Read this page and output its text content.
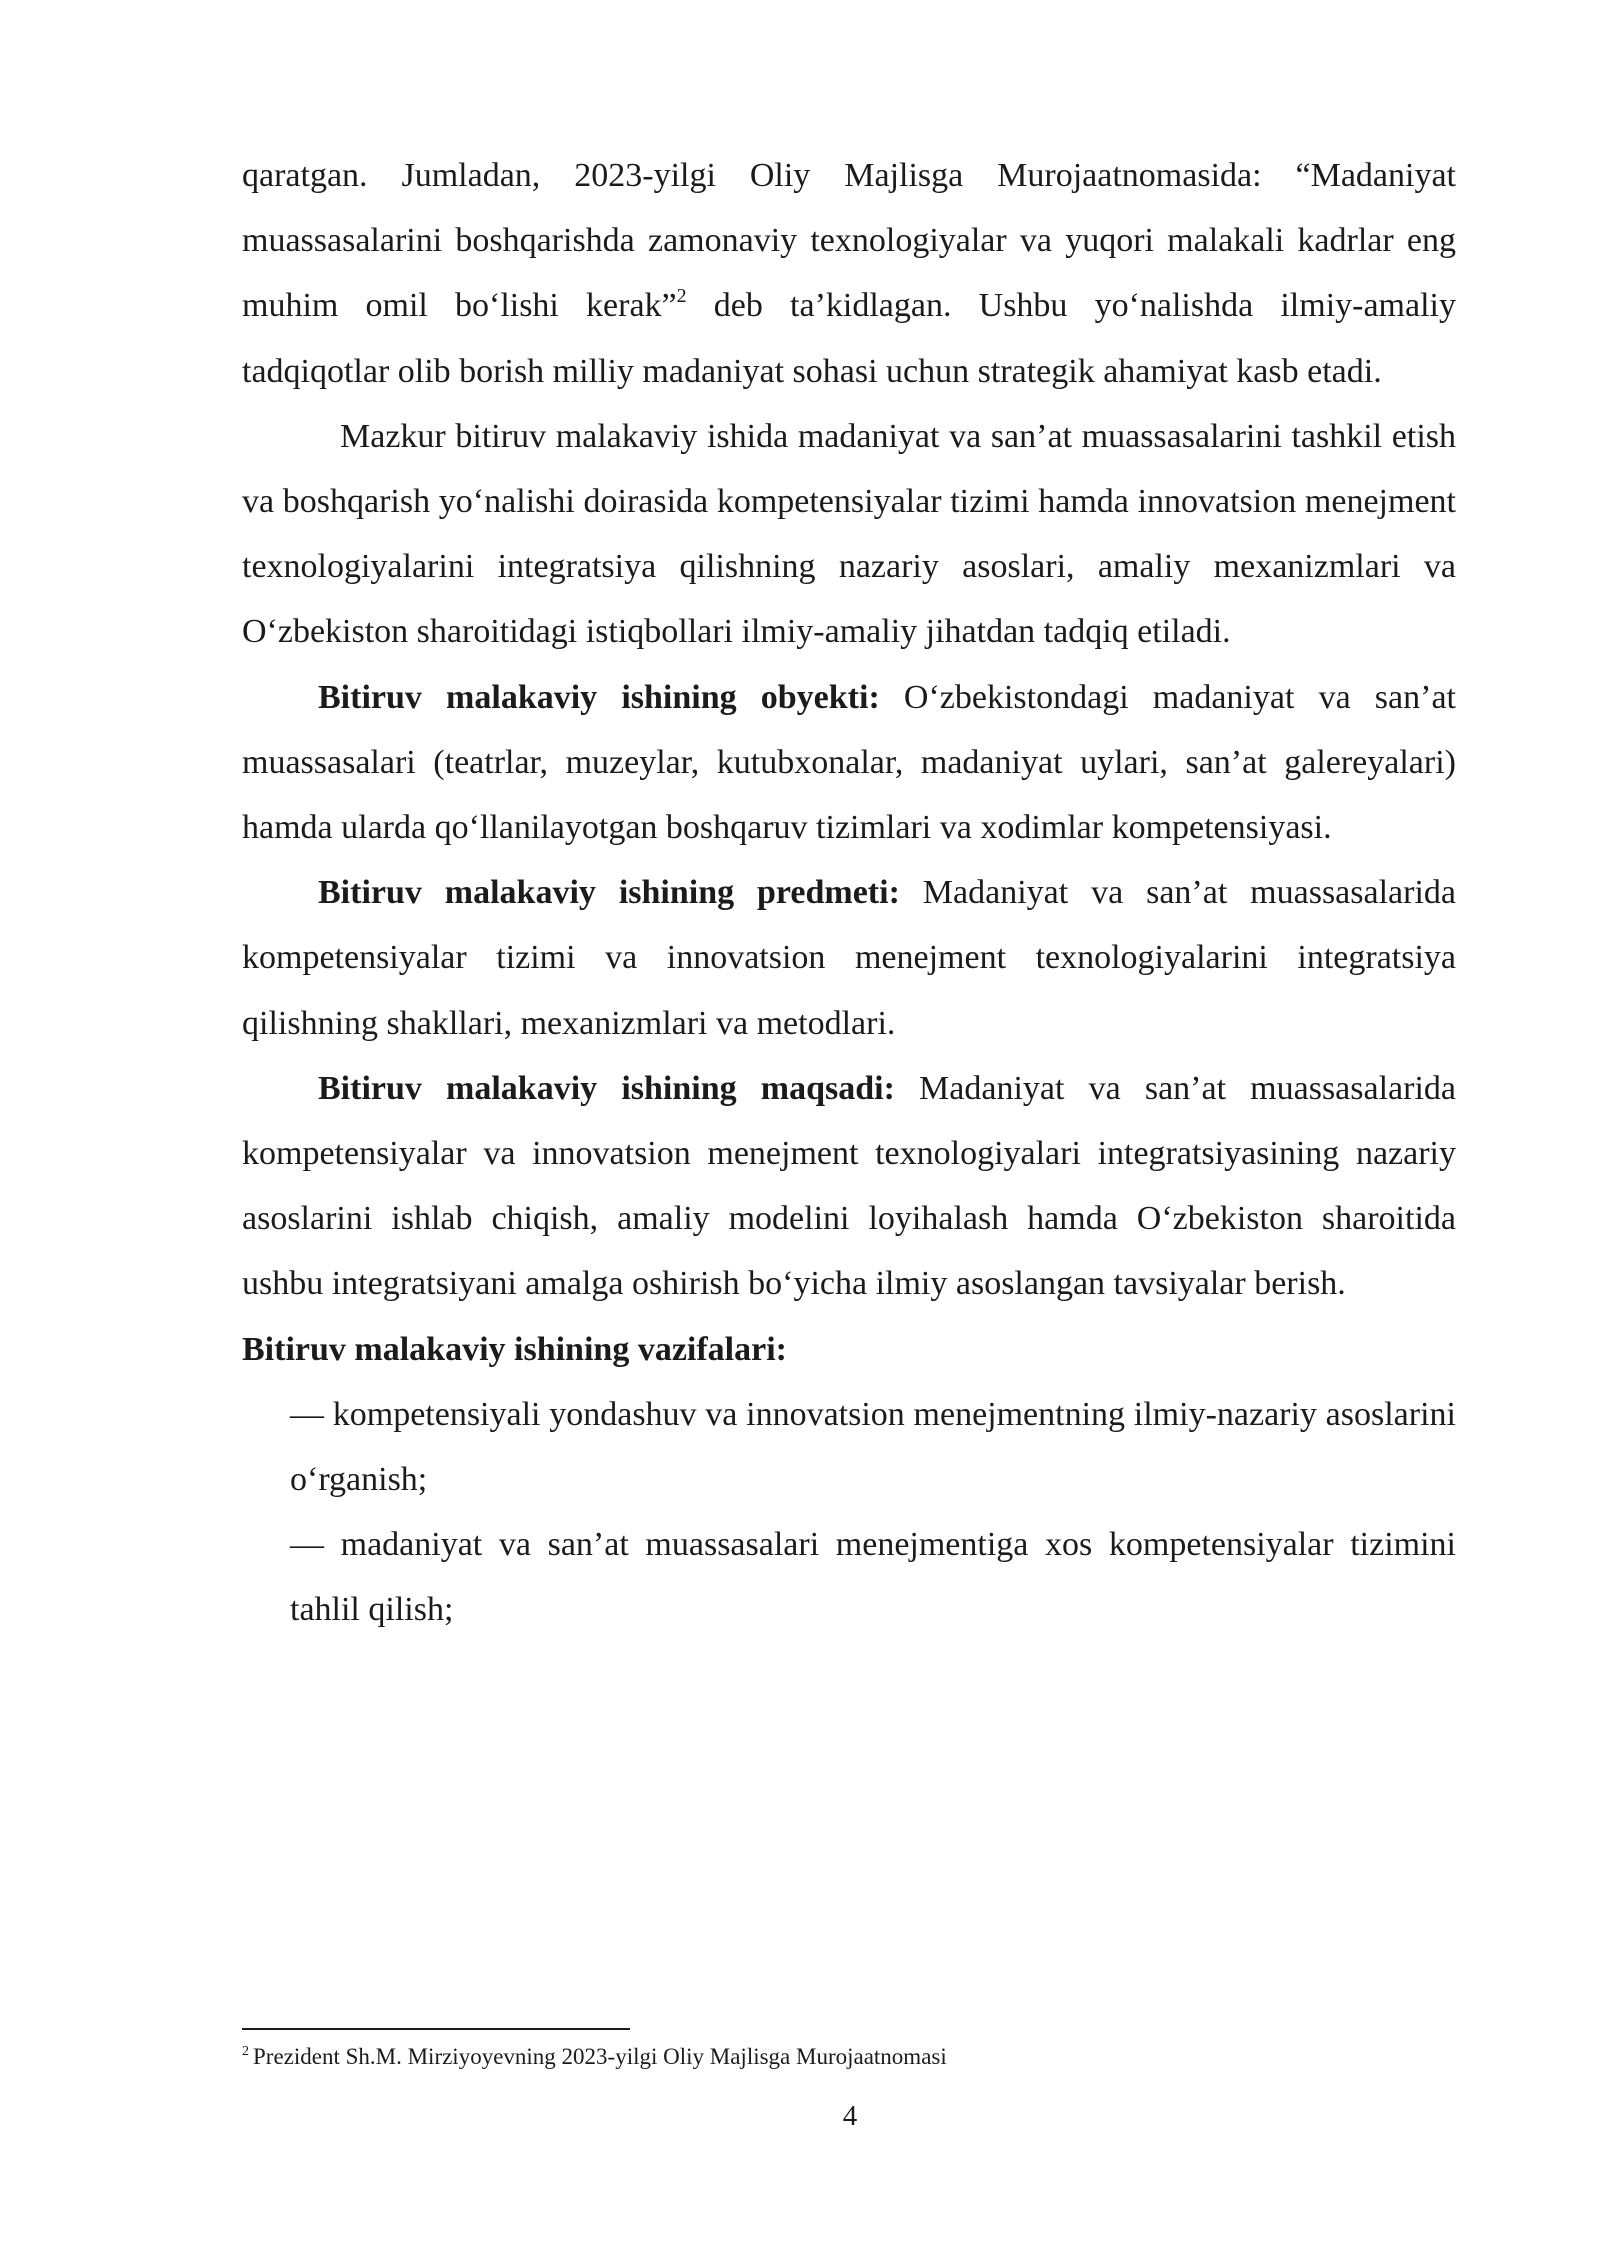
qaratgan. Jumladan, 2023-yilgi Oliy Majlisga Murojaatnomasida: “Madaniyat muassasalarini boshqarishda zamonaviy texnologiyalar va yuqori malakali kadrlar eng muhim omil bo‘lishi kerak”$^2$ deb ta’kidlagan. Ushbu yo‘nalishda ilmiy-amaliy tadqiqotlar olib borish milliy madaniyat sohasi uchun strategik ahamiyat kasb etadi.

Mazkur bitiruv malakaviy ishida madaniyat va san’at muassasalarini tashkil etish va boshqarish yo‘nalishi doirasida kompetensiyalar tizimi hamda innovatsion menejment texnologiyalarini integratsiya qilishning nazariy asoslari, amaliy mexanizmlari va O‘zbekiston sharoitidagi istiqbollari ilmiy-amaliy jihatdan tadqiq etiladi.

Bitiruv malakaviy ishining obyekti: O‘zbekistondagi madaniyat va san’at muassasalari (teatrlar, muzeylar, kutubxonalar, madaniyat uylari, san’at galereyalari) hamda ularda qo‘llanilayotgan boshqaruv tizimlari va xodimlar kompetensiyasi.

Bitiruv malakaviy ishining predmeti: Madaniyat va san’at muassasalarida kompetensiyalar tizimi va innovatsion menejment texnologiyalarini integratsiya qilishning shakllari, mexanizmlari va metodlari.

Bitiruv malakaviy ishining maqsadi: Madaniyat va san’at muassasalarida kompetensiyalar va innovatsion menejment texnologiyalari integratsiyasining nazariy asoslarini ishlab chiqish, amaliy modelini loyihalash hamda O‘zbekiston sharoitida ushbu integratsiyani amalga oshirish bo‘yicha ilmiy asoslangan tavsiyalar berish.

Bitiruv malakaviy ishining vazifalari:

— kompetensiyali yondashuv va innovatsion menejmentning ilmiy-nazariy asoslarini o‘rganish;

— madaniyat va san’at muassasalari menejmentiga xos kompetensiyalar tizimini tahlil qilish;

$^2$ Prezident Sh.M. Mirziyoyevning 2023-yilgi Oliy Majlisga Murojaatnomasi
4
